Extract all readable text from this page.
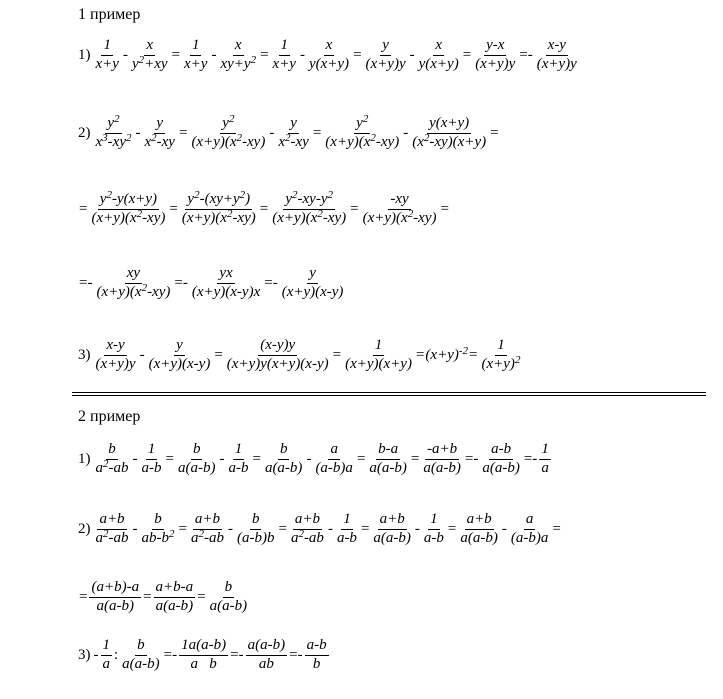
1 пример
$1) \frac{1}{x+y} - \frac{x}{y^2+xy} = \frac{1}{x+y} - \frac{x}{xy+y^2} = \frac{1}{x+y} - \frac{x}{y(x+y)} = \frac{y}{(x+y)y} - \frac{x}{y(x+y)} = \frac{y-x}{(x+y)y} =- \frac{x-y}{(x+y)y}$
$2) \frac{y^2}{x^3-xy^2} - \frac{y}{x^2-xy} = \frac{y^2}{(x+y)(x^2-xy)} - \frac{y}{x^2-xy} = \frac{y^2}{(x+y)(x^2-xy)} - \frac{y(x+y)}{(x^2-xy)(x+y)}$ =
= $\frac{y^2-y(x+y)}{(x+y)(x^2-xy)} = \frac{y^2-(xy+y^2)}{(x+y)(x^2-xy)} = \frac{y^2-xy-y^2}{(x+y)(x^2-xy)} = \frac{-xy}{(x+y)(x^2-xy)}$ =
=- $\frac{xy}{(x+y)(x^2-xy)} =- \frac{yx}{(x+y)(x-y)x} =- \frac{y}{(x+y)(x-y)}$
$3) \frac{x-y}{(x+y)y} - \frac{y}{(x+y)(x-y)} = \frac{(x-y)y}{(x+y)y(x+y)(x-y)} = \frac{1}{(x+y)(x+y)} = (x+y)^{-2} = \frac{1}{(x+y)^2}$
2 пример
$1) \frac{b}{a^2-ab} - \frac{1}{a-b} = \frac{b}{a(a-b)} - \frac{1}{a-b} = \frac{b}{a(a-b)} - \frac{a}{(a-b)a} = \frac{b-a}{a(a-b)} = \frac{-a+b}{a(a-b)} =- \frac{a-b}{a(a-b)} =- \frac{1}{a}$
$2) \frac{a+b}{a^2-ab} - \frac{b}{ab-b^2} = \frac{a+b}{a^2-ab} - \frac{b}{(a-b)b} = \frac{a+b}{a^2-ab} - \frac{1}{a-b} = \frac{a+b}{a(a-b)} - \frac{1}{a-b} = \frac{a+b}{a(a-b)} - \frac{a}{(a-b)a}$ =
= $\frac{(a+b)-a}{a(a-b)} = \frac{a+b-a}{a(a-b)} = \frac{b}{a(a-b)}$
$3) - \frac{1}{a}$ : $\frac{b}{a(a-b)} =- \frac{1a(a-b)}{\text{a   b}} =- \frac{a(a-b)}{ab} =- \frac{a-b}{b}$
